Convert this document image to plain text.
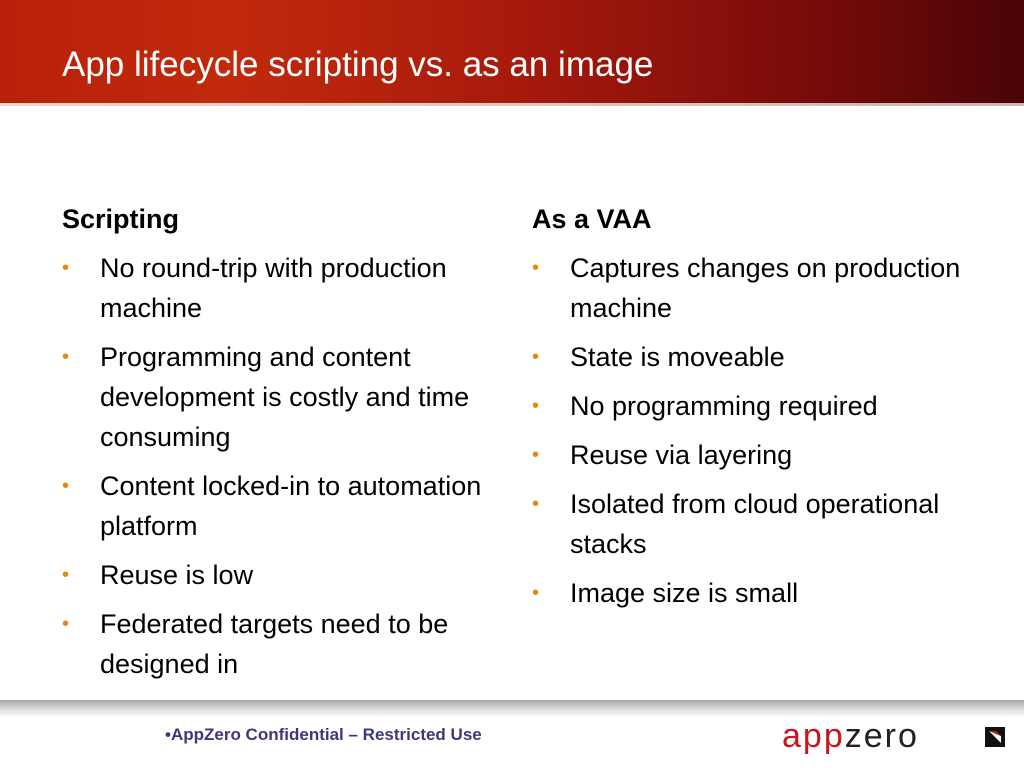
App lifecycle scripting vs. as an image
Scripting
• No round-trip with production machine
• Programming and content development is costly and time consuming
• Content locked-in to automation platform
• Reuse is low
• Federated targets need to be designed in
As a VAA
• Captures changes on production machine
• State is moveable
• No programming required
• Reuse via layering
• Isolated from cloud operational stacks
• Image size is small
•AppZero Confidential – Restricted Use	appzero
